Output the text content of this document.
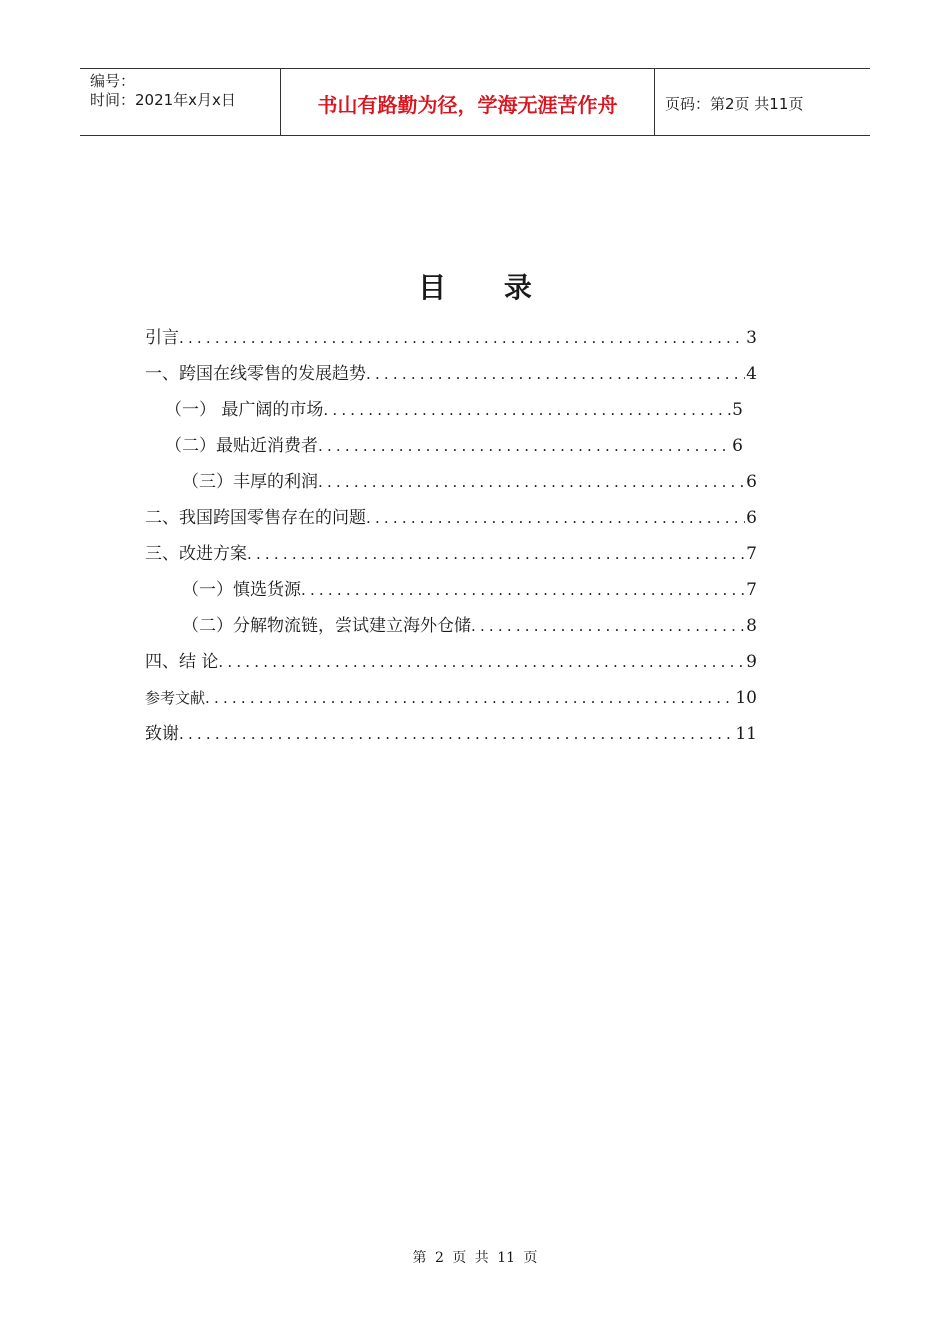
编号：
时间：2021年x月x日	书山有路勤为径，学海无涯苦作舟	页码：第2页 共11页
目 录
引言 .....	3
一、跨国在线零售的发展趋势 .....	4
（一） 最广阔的市场 .....	5
（二）最贴近消费者 .....	6
（三）丰厚的利润 .....	6
二、我国跨国零售存在的问题 .....	6
三、改进方案 .....	7
（一）慎选货源 .....	7
（二）分解物流链，尝试建立海外仓储 .....	8
四、结 论 .....	9
参考文献 .....	10
致谢 .....	11
第 2 页 共 11 页
